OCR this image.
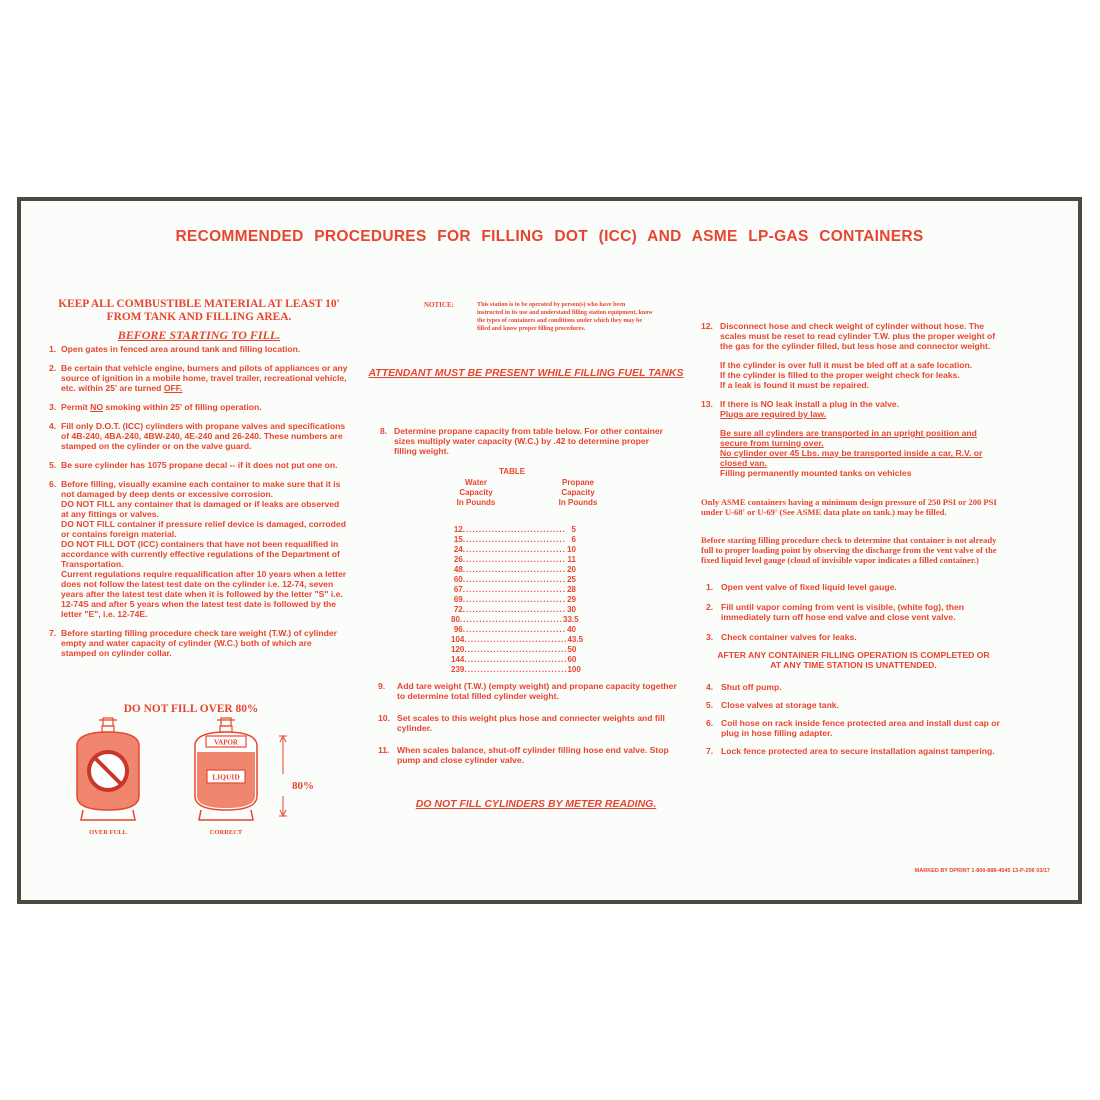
RECOMMENDED PROCEDURES FOR FILLING DOT (ICC) AND ASME LP-GAS CONTAINERS
KEEP ALL COMBUSTIBLE MATERIAL AT LEAST 10'
FROM TANK AND FILLING AREA.
BEFORE STARTING TO FILL.
1. Open gates in fenced area around tank and filling location.
2. Be certain that vehicle engine, burners and pilots of appliances or any source of ignition in a mobile home, travel trailer, recreational vehicle, etc. within 25' are turned OFF.
3. Permit NO smoking within 25' of filling operation.
4. Fill only D.O.T. (ICC) cylinders with propane valves and specifications of 4B-240, 4BA-240, 4BW-240, 4E-240 and 26-240. These numbers are stamped on the cylinder or on the valve guard.
5. Be sure cylinder has 1075 propane decal -- if it does not put one on.
6. Before filling, visually examine each container to make sure that it is not damaged by deep dents or excessive corrosion.

DO NOT FILL any container that is damaged or if leaks are observed at any fittings or valves.

DO NOT FILL container if pressure relief device is damaged, corroded or contains foreign material.

DO NOT FILL DOT (ICC) containers that have not been requalified in accordance with currently effective regulations of the Department of Transportation.

Current regulations require requalification after 10 years when a letter does not follow the latest test date on the cylinder i.e. 12-74, seven years after the latest test date when it is followed by the letter "S" i.e. 12-74S and after 5 years when the latest test date is followed by the letter "E", i.e. 12-74E.

7. Before starting filling procedure check tare weight (T.W.) of cylinder empty and water capacity of cylinder (W.C.) both of which are stamped on cylinder collar.
DO NOT FILL OVER 80%
OVER FULL
VAPOR
LIQUID
CORRECT
80%
NOTICE:	This station is to be operated by person(s) who have been instructed in its use and understand filling station equipment, know the types of containers and conditions under which they may be filled and know proper filling procedures.
ATTENDANT MUST BE PRESENT WHILE FILLING FUEL TANKS
8. Determine propane capacity from table below. For other container sizes multiply water capacity (W.C.) by .42 to determine proper filling weight.
TABLE
Water
Capacity
In Pounds
Propane
Capacity
In Pounds
12 ................................ 5
15 ................................ 6
24 ................................ 10
26 ................................ 11
48 ................................ 20
60 ................................ 25
67 ................................ 28
69 ................................ 29
72 ................................ 30
80 ................................ 33.5
96 ................................ 40
104 ................................ 43.5
120 ................................ 50
144 ................................ 60
239 ................................ 100
9.	Add tare weight (T.W.) (empty weight) and propane capacity together to determine total filled cylinder weight.
10. Set scales to this weight plus hose and connecter weights and fill cylinder.
11. When scales balance, shut-off cylinder filling hose end valve. Stop pump and close cylinder valve.
DO NOT FILL CYLINDERS BY METER READING.
12. Disconnect hose and check weight of cylinder without hose. The scales must be reset to read cylinder T.W. plus the proper weight of the gas for the cylinder filled, but less hose and connector weight.

If the cylinder is over full it must be bled off at a safe location.

If the cylinder is filled to the proper weight check for leaks.

If a leak is found it must be repaired.

13. If there is NO leak install a plug in the valve.

Plugs are required by law.

Be sure all cylinders are transported in an upright position and secure from turning over.

No cylinder over 45 Lbs. may be transported inside a car, R.V. or closed van.

Filling permanently mounted tanks on vehicles

Only ASME containers having a minimum design pressure of 250 PSI or 200 PSI under U-68' or U-69' (See ASME data plate on tank.) may be filled.
Before starting filling procedure check to determine that container is not already full to proper loading point by observing the discharge from the vent valve of the fixed liquid level gauge (cloud of invisible vapor indicates a filled container.)
1. Open vent valve of fixed liquid level gauge.
2. Fill until vapor coming from vent is visible, (white fog), then immediately turn off hose end valve and close vent valve.
3. Check container valves for leaks.
AFTER ANY CONTAINER FILLING OPERATION IS COMPLETED OR AT ANY TIME STATION IS UNATTENDED.
4. Shut off pump.
5. Close valves at storage tank.
6. Coil hose on rack inside fence protected area and install dust cap or plug in hose filling adapter.
7. Lock fence protected area to secure installation against tampering.
MARKED BY DPRINT 1-800-888-4545 13-P-206 03/17
